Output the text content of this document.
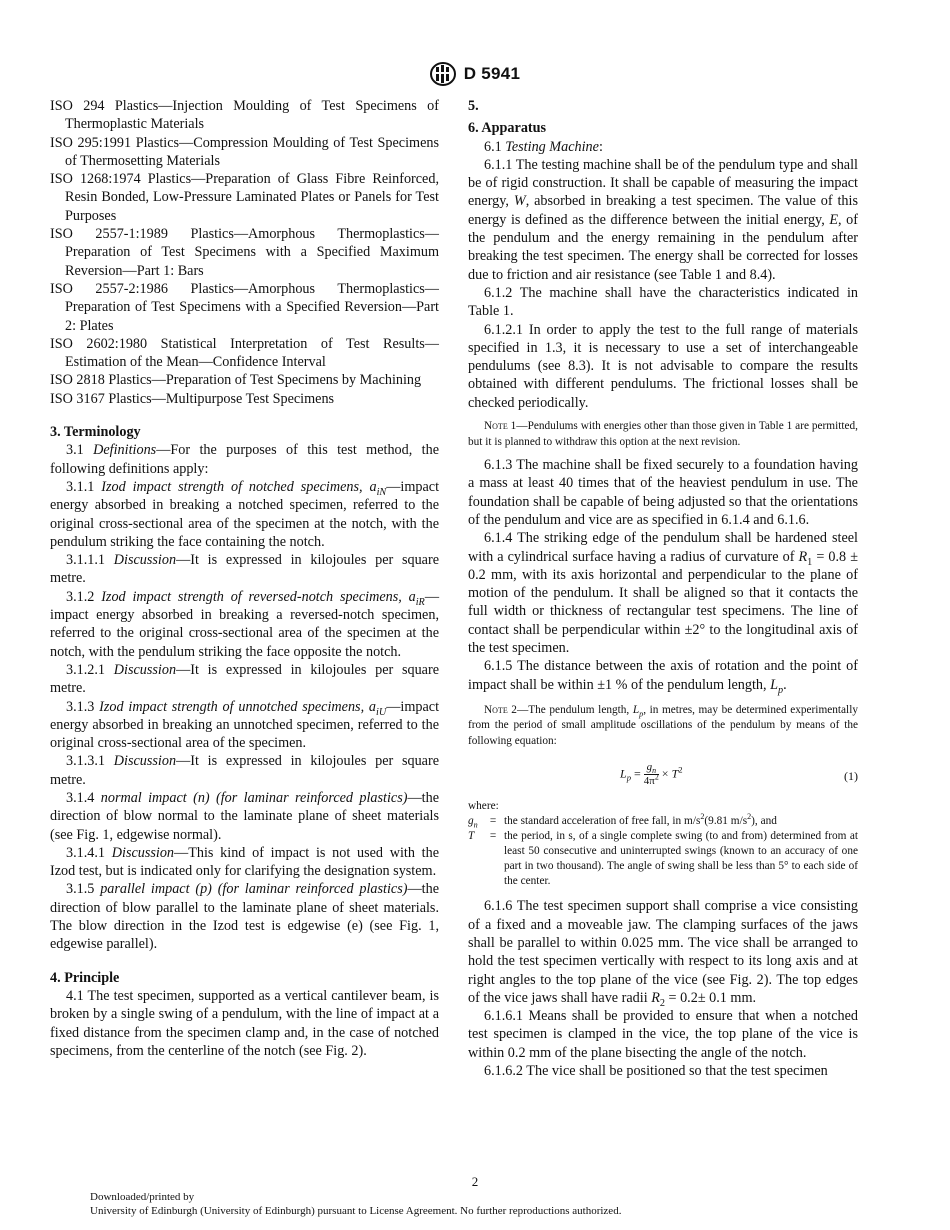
D 5941

ISO 294 Plastics—Injection Moulding of Test Specimens of Thermoplastic Materials

ISO 295:1991 Plastics—Compression Moulding of Test Specimens of Thermosetting Materials

ISO 1268:1974 Plastics—Preparation of Glass Fibre Reinforced, Resin Bonded, Low-Pressure Laminated Plates or Panels for Test Purposes

ISO 2557-1:1989 Plastics—Amorphous Thermoplastics—Preparation of Test Specimens with a Specified Maximum Reversion—Part 1: Bars

ISO 2557-2:1986 Plastics—Amorphous Thermoplastics—Preparation of Test Specimens with a Specified Reversion—Part 2: Plates

ISO 2602:1980 Statistical Interpretation of Test Results—Estimation of the Mean—Confidence Interval

ISO 2818 Plastics—Preparation of Test Specimens by Machining

ISO 3167 Plastics—Multipurpose Test Specimens

3. Terminology

3.1 Definitions—For the purposes of this test method, the following definitions apply:

3.1.1 Izod impact strength of notched specimens, $a_{iN}—impact$ energy absorbed in breaking a notched specimen, referred to the original cross-sectional area of the specimen at the notch, with the pendulum striking the face containing the notch.

3.1.1.1 Discussion—It is expressed in kilojoules per square metre.

3.1.2 Izod impact strength of reversed-notch specimens, $a_{iR}—impact$ energy absorbed in breaking a reversed-notch specimen, referred to the original cross-sectional area of the specimen at the notch, with the pendulum striking the face opposite the notch.

3.1.2.1 Discussion—It is expressed in kilojoules per square metre.

3.1.3 Izod impact strength of unnotched specimens, $a_{iU}—impact$ energy absorbed in breaking an unnotched specimen, referred to the original cross-sectional area of the specimen.

3.1.3.1 Discussion—It is expressed in kilojoules per square metre.

3.1.4 normal impact (n) (for laminar reinforced plastics)—the direction of blow normal to the laminate plane of sheet materials (see Fig. 1, edgewise normal).

3.1.4.1 Discussion—This kind of impact is not used with the Izod test, but is indicated only for clarifying the designation system.

3.1.5 parallel impact (p) (for laminar reinforced plastics)—the direction of blow parallel to the laminate plane of sheet materials. The blow direction in the Izod test is edgewise (e) (see Fig. 1, edgewise parallel).

4. Principle

4.1 The test specimen, supported as a vertical cantilever beam, is broken by a single swing of a pendulum, with the line of impact at a fixed distance from the specimen clamp and, in the case of notched specimens, from the centerline of the notch (see Fig. 2).

5.
6. Apparatus

6.1 Testing Machine:

6.1.1 The testing machine shall be of the pendulum type and shall be of rigid construction. It shall be capable of measuring the impact energy, W, absorbed in breaking a test specimen. The value of this energy is defined as the difference between the initial energy, E, of the pendulum and the energy remaining in the pendulum after breaking the test specimen. The energy shall be corrected for losses due to friction and air resistance (see Table 1 and 8.4).

6.1.2 The machine shall have the characteristics indicated in Table 1.

6.1.2.1 In order to apply the test to the full range of materials specified in 1.3, it is necessary to use a set of interchangeable pendulums (see 8.3). It is not advisable to compare the results obtained with different pendulums. The frictional losses shall be checked periodically.

Note 1—Pendulums with energies other than those given in Table 1 are permitted, but it is planned to withdraw this option at the next revision.

6.1.3 The machine shall be fixed securely to a foundation having a mass at least 40 times that of the heaviest pendulum in use. The foundation shall be capable of being adjusted so that the orientations of the pendulum and vice are as specified in 6.1.4 and 6.1.6.

6.1.4 The striking edge of the pendulum shall be hardened steel with a cylindrical surface having a radius of curvature of $R_1 = 0.8 \pm 0.2$ mm, with its axis horizontal and perpendicular to the plane of motion of the pendulum. It shall be aligned so that it contacts the full width or thickness of rectangular test specimens. The line of contact shall be perpendicular within ±2° to the longitudinal axis of the test specimen.

6.1.5 The distance between the axis of rotation and the point of impact shall be within ±1 % of the pendulum length, $L_p$.

Note 2—The pendulum length, $L_p$, in metres, may be determined experimentally from the period of small amplitude oscillations of the pendulum by means of the following equation:

$L_p = \frac{g_n}{4\pi^2} \times T^2$	(1)
where:
$g_n$	= the standard acceleration of free fall, in $m/s^2(9.81$ $m/s^2$), and
T	= the period, in s, of a single complete swing (to and from) determined from at least 50 consecutive and uninterrupted swings (known to an accuracy of one part in two thousand). The angle of swing shall be less than 5° to each side of the center.

6.1.6 The test specimen support shall comprise a vice consisting of a fixed and a moveable jaw. The clamping surfaces of the jaws shall be parallel to within 0.025 mm. The vice shall be arranged to hold the test specimen vertically with respect to its long axis and at right angles to the top plane of the vice (see Fig. 2). The top edges of the vice jaws shall have radii $R_2 = 0.2\pm 0.1$ mm.

6.1.6.1 Means shall be provided to ensure that when a notched test specimen is clamped in the vice, the top plane of the vice is within 0.2 mm of the plane bisecting the angle of the notch.

6.1.6.2 The vice shall be positioned so that the test specimen

2
Downloaded/printed by
University of Edinburgh (University of Edinburgh) pursuant to License Agreement. No further reproductions authorized.
